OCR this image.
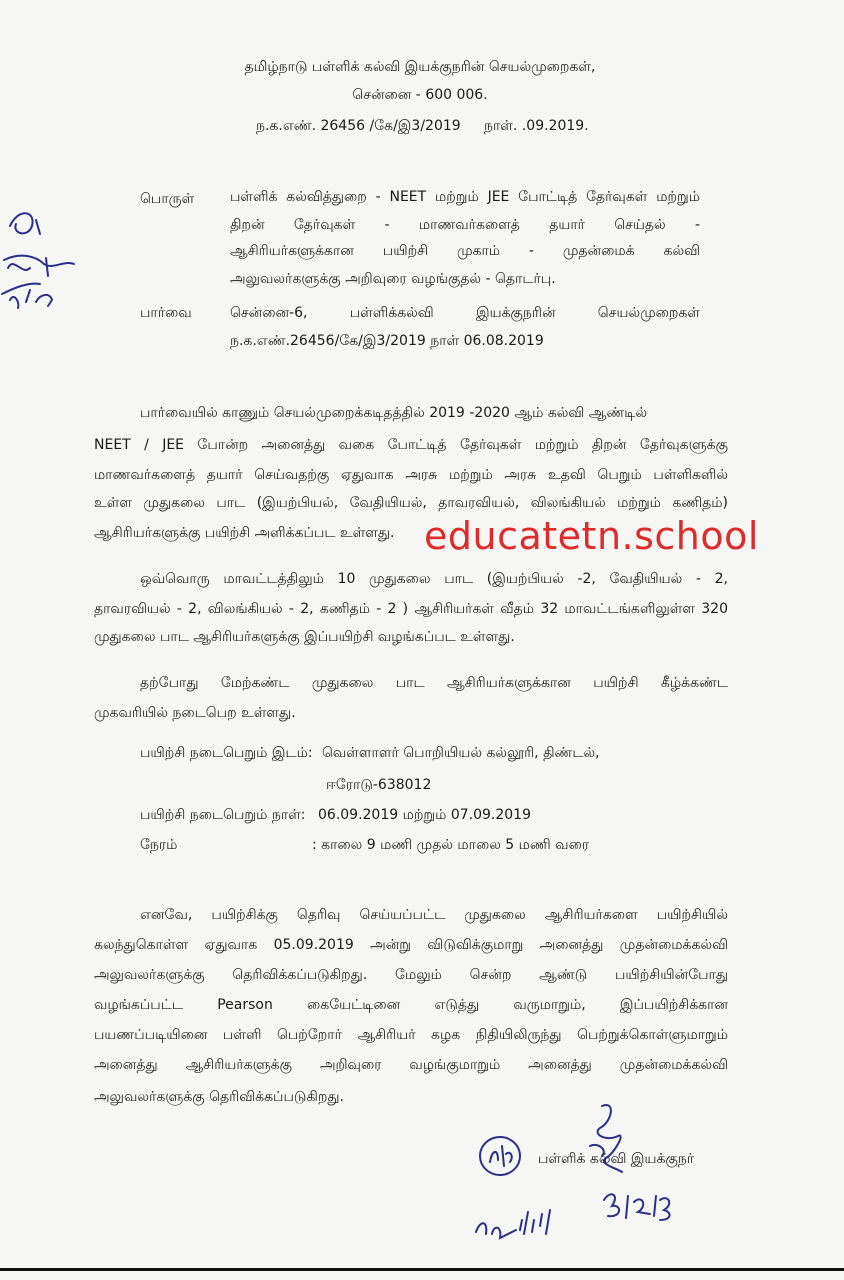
தமிழ்நாடு பள்ளிக் கல்வி இயக்குநரின் செயல்முறைகள்,
சென்னை - 600 006.
ந.க.எண். 26456 /கே/இ3/2019 நாள். .09.2019.
பொருள்	பள்ளிக் கல்வித்துறை - NEET மற்றும் JEE போட்டித் தேர்வுகள் மற்றும்
திறன் தேர்வுகள் - மாணவர்களைத் தயார் செய்தல் -
ஆசிரியர்களுக்கான பயிற்சி முகாம் - முதன்மைக் கல்வி
அலுவலர்களுக்கு அறிவுரை வழங்குதல் - தொடர்பு.
பார்வை	சென்னை-6, பள்ளிக்கல்வி இயக்குநரின் செயல்முறைகள்
ந.க.எண்.26456/கே/இ3/2019 நாள் 06.08.2019
பார்வையில் காணும் செயல்முறைக்கடிதத்தில் 2019 -2020 ஆம் கல்வி ஆண்டில்
NEET / JEE போன்ற அனைத்து வகை போட்டித் தேர்வுகள் மற்றும் திறன் தேர்வுகளுக்கு
மாணவர்களைத் தயார் செய்வதற்கு ஏதுவாக அரசு மற்றும் அரசு உதவி பெறும் பள்ளிகளில்
உள்ள முதுகலை பாட (இயற்பியல், வேதியியல், தாவரவியல், விலங்கியல் மற்றும் கணிதம்)
ஆசிரியர்களுக்கு பயிற்சி அளிக்கப்பட உள்ளது. educatetn.school
ஒவ்வொரு மாவட்டத்திலும் 10 முதுகலை பாட (இயற்பியல் -2, வேதியியல் - 2,
தாவரவியல் - 2, விலங்கியல் - 2, கணிதம் - 2 ) ஆசிரியர்கள் வீதம் 32 மாவட்டங்களிலுள்ள 320
முதுகலை பாட ஆசிரியர்களுக்கு இப்பயிற்சி வழங்கப்பட உள்ளது.
தற்போது மேற்கண்ட முதுகலை பாட ஆசிரியர்களுக்கான பயிற்சி கீழ்க்கண்ட
முகவரியில் நடைபெற உள்ளது.
பயிற்சி நடைபெறும் இடம்: வெள்ளாளர் பொறியியல் கல்லூரி, திண்டல்,
ஈரோடு-638012
பயிற்சி நடைபெறும் நாள்: 06.09.2019 மற்றும் 07.09.2019
நேரம்	: காலை 9 மணி முதல் மாலை 5 மணி வரை
எனவே, பயிற்சிக்கு தெரிவு செய்யப்பட்ட முதுகலை ஆசிரியர்களை பயிற்சியில்
கலந்துகொள்ள ஏதுவாக 05.09.2019 அன்று விடுவிக்குமாறு அனைத்து முதன்மைக்கல்வி
அலுவலர்களுக்கு தெரிவிக்கப்படுகிறது. மேலும் சென்ற ஆண்டு பயிற்சியின்போது
வழங்கப்பட்ட Pearson கையேட்டினை எடுத்து வருமாறும், இப்பயிற்சிக்கான
பயணப்படியினை பள்ளி பெற்றோர் ஆசிரியர் கழக நிதியிலிருந்து பெற்றுக்கொள்ளுமாறும்
அனைத்து ஆசிரியர்களுக்கு அறிவுரை வழங்குமாறும் அனைத்து முதன்மைக்கல்வி
அலுவலர்களுக்கு தெரிவிக்கப்படுகிறது.
பள்ளிக் கல்வி இயக்குநர்
